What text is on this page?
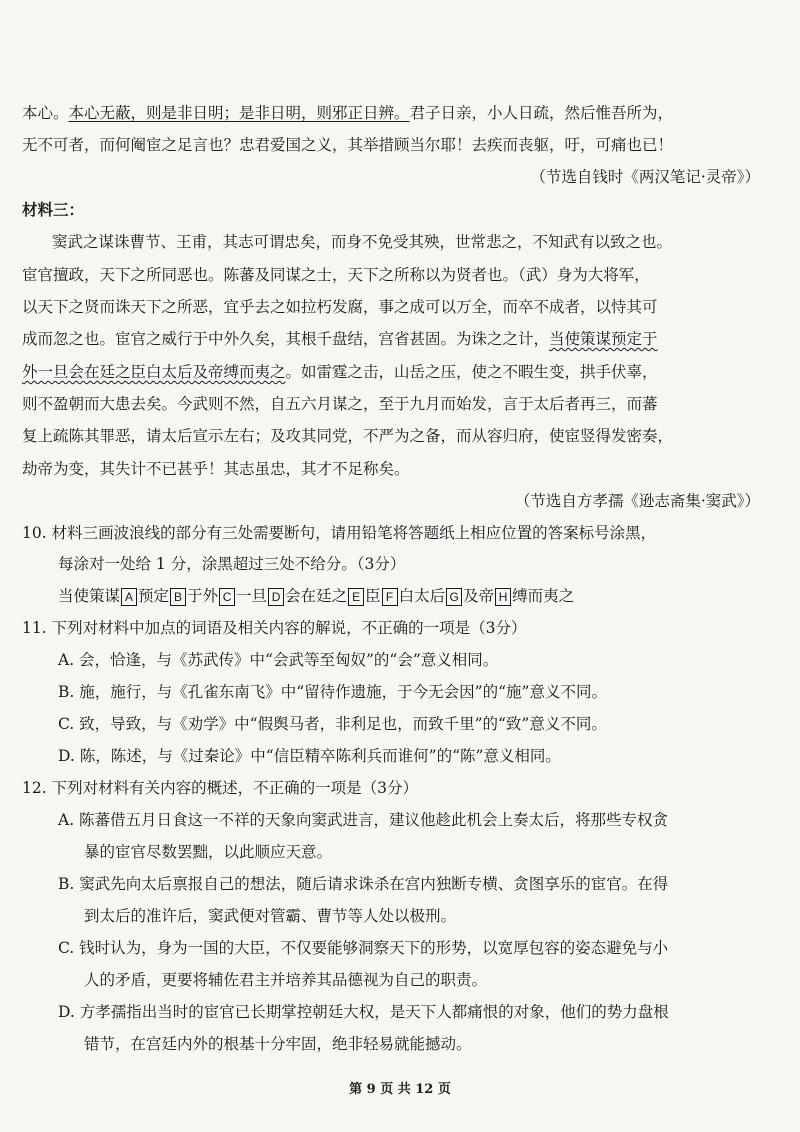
本心。本心无蔽，则是非日明；是非日明，则邪正日辨。君子日亲，小人日疏，然后惟吾所为，
无不可者，而何阉宦之足言也？忠君爱国之义，其举措顾当尔耶！去疾而丧躯，吁，可痛也已！
（节选自钱时《两汉笔记·灵帝》）
材料三：
窦武之谋诛曹节、王甫，其志可谓忠矣，而身不免受其殃，世常悲之，不知武有以致之也。
宦官擅政，天下之所同恶也。陈蕃及同谋之士，天下之所称以为贤者也。（武）身为大将军，
以天下之贤而诛天下之所恶，宜乎去之如拉朽发腐，事之成可以万全，而卒不成者，以恃其可
成而忽之也。宦官之威行于中外久矣，其根千盘结，宫省甚固。为诛之之计，当使策谋预定于
外一旦会在廷之臣白太后及帝缚而夷之。如雷霆之击，山岳之压，使之不暇生变，拱手伏辜，
则不盈朝而大患去矣。今武则不然，自五六月谋之，至于九月而始发，言于太后者再三，而蕃
复上疏陈其罪恶，请太后宣示左右；及攻其同党，不严为之备，而从容归府，使宦竖得发密奏，
劫帝为变，其失计不已甚乎！其志虽忠，其才不足称矣。
（节选自方孝孺《逊志斋集·窦武》）
10. 材料三画波浪线的部分有三处需要断句，请用铅笔将答题纸上相应位置的答案标号涂黑，
每涂对一处给 1 分，涂黑超过三处不给分。（3分）
当使策谋 A 预定 B 于外 C 一旦 D 会在廷之 E 臣 F 白太后 G 及帝 H 缚而夷之
11. 下列对材料中加点的词语及相关内容的解说，不正确的一项是（3分）
A. 会，恰逢，与《苏武传》中“会武等至匈奴”的“会”意义相同。
B. 施，施行，与《孔雀东南飞》中“留待作遗施，于今无会因”的“施”意义不同。
C. 致，导致，与《劝学》中“假舆马者，非利足也，而致千里”的“致”意义不同。
D. 陈，陈述，与《过秦论》中“信臣精卒陈利兵而谁何”的“陈”意义相同。
12. 下列对材料有关内容的概述，不正确的一项是（3分）
A. 陈蕃借五月日食这一不祥的天象向窦武进言，建议他趁此机会上奏太后，将那些专权贪
暴的宦官尽数罢黜，以此顺应天意。
B. 窦武先向太后禀报自己的想法，随后请求诛杀在宫内独断专横、贪图享乐的宦官。在得
到太后的准许后，窦武便对管霸、曹节等人处以极刑。
C. 钱时认为，身为一国的大臣，不仅要能够洞察天下的形势，以宽厚包容的姿态避免与小
人的矛盾，更要将辅佐君主并培养其品德视为自己的职责。
D. 方孝孺指出当时的宦官已长期掌控朝廷大权，是天下人都痛恨的对象，他们的势力盘根
错节，在宫廷内外的根基十分牢固，绝非轻易就能撼动。
第 9 页 共 12 页
